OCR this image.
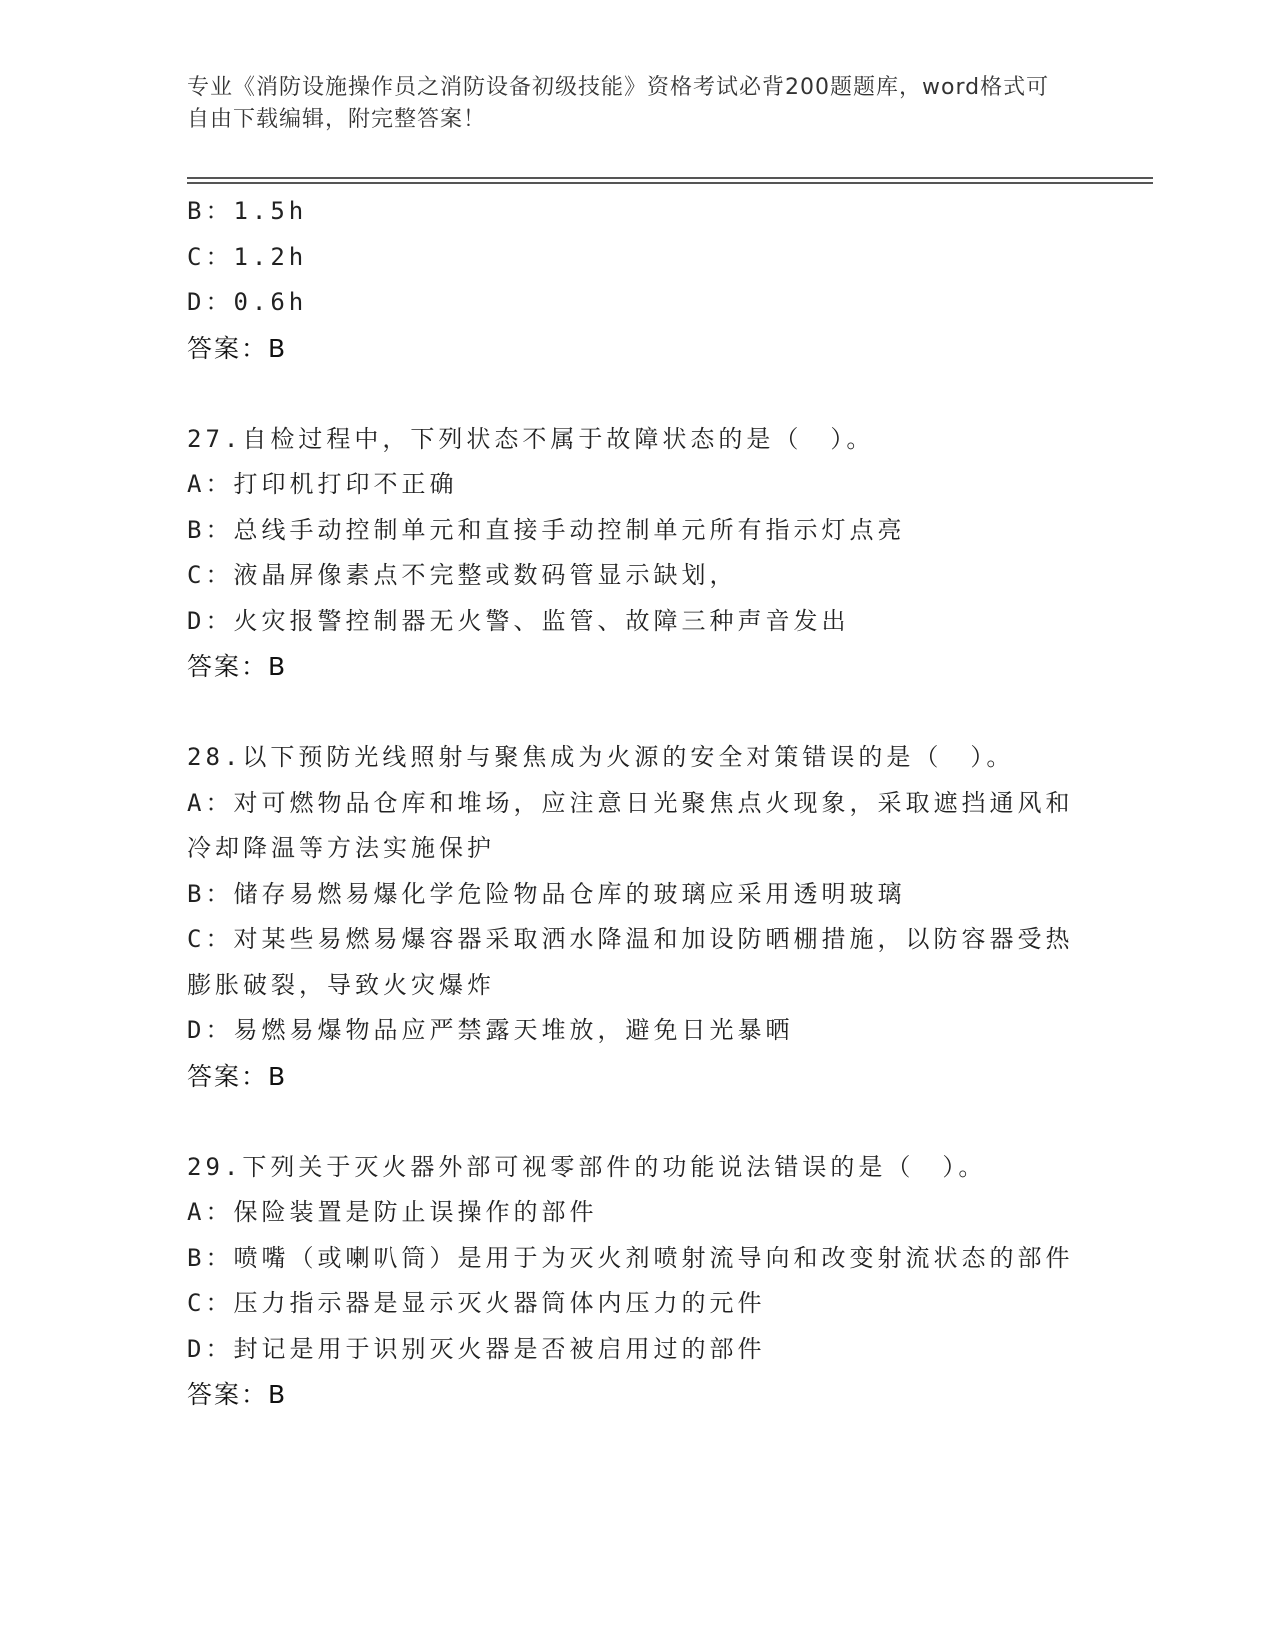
专业《消防设施操作员之消防设备初级技能》资格考试必背200题题库，word格式可自由下载编辑，附完整答案！
B：1.5h
C：1.2h
D：0.6h
答案：B
27.自检过程中，下列状态不属于故障状态的是（　）。
A：打印机打印不正确
B：总线手动控制单元和直接手动控制单元所有指示灯点亮
C：液晶屏像素点不完整或数码管显示缺划，
D：火灾报警控制器无火警、监管、故障三种声音发出
答案：B
28.以下预防光线照射与聚焦成为火源的安全对策错误的是（　）。
A：对可燃物品仓库和堆场，应注意日光聚焦点火现象，采取遮挡通风和冷却降温等方法实施保护
B：储存易燃易爆化学危险物品仓库的玻璃应采用透明玻璃
C：对某些易燃易爆容器采取洒水降温和加设防晒棚措施，以防容器受热膨胀破裂，导致火灾爆炸
D：易燃易爆物品应严禁露天堆放，避免日光暴晒
答案：B
29.下列关于灭火器外部可视零部件的功能说法错误的是（　）。
A：保险装置是防止误操作的部件
B：喷嘴（或喇叭筒）是用于为灭火剂喷射流导向和改变射流状态的部件
C：压力指示器是显示灭火器筒体内压力的元件
D：封记是用于识别灭火器是否被启用过的部件
答案：B
